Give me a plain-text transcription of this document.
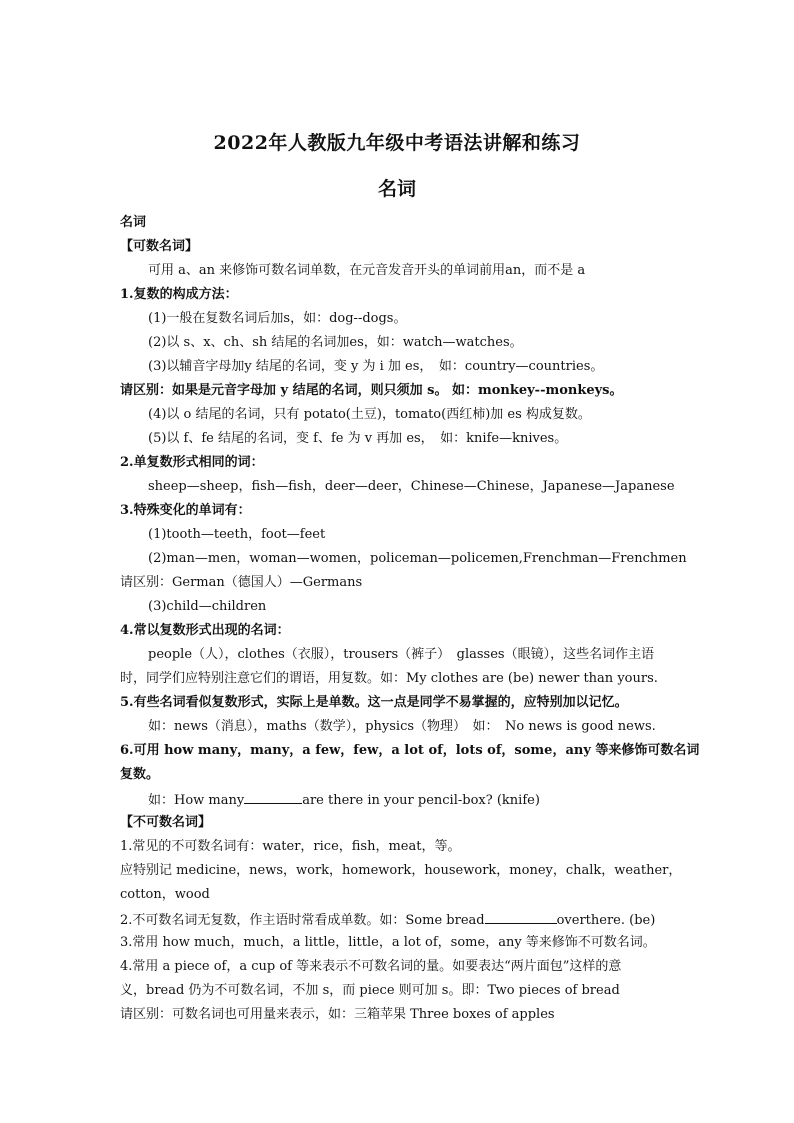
2022年人教版九年级中考语法讲解和练习
名词
名词
【可数名词】
可用 a、an 来修饰可数名词单数，在元音发音开头的单词前用an，而不是 a
1.复数的构成方法：
(1)一般在复数名词后加s，如：dog--dogs。
(2)以 s、x、ch、sh 结尾的名词加es，如：watch—watches。
(3)以辅音字母加y 结尾的名词，变 y 为 i 加 es，　如：country—countries。
请区别：如果是元音字母加 y 结尾的名词，则只须加 s。 如：monkey--monkeys。
(4)以 o 结尾的名词，只有 potato(土豆)，tomato(西红柿)加 es 构成复数。
(5)以 f、fe 结尾的名词，变 f、fe 为 v 再加 es，　如：knife—knives。
2.单复数形式相同的词：
sheep—sheep，fish—fish，deer—deer，Chinese—Chinese，Japanese—Japanese
3.特殊变化的单词有：
(1)tooth—teeth，foot—feet
(2)man—men，woman—women，policeman—policemen,Frenchman—Frenchmen
请区别：German（德国人）—Germans
(3)child—children
4.常以复数形式出现的名词：
people（人），clothes（衣服），trousers（裤子）　glasses（眼镜），这些名词作主语
时，同学们应特别注意它们的谓语，用复数。如：My clothes are (be) newer than yours.
5.有些名词看似复数形式，实际上是单数。这一点是同学不易掌握的，应特别加以记忆。
如：news（消息），maths（数学），physics（物理）　如：　No news is good news.
6.可用 how many，many，a few，few，a lot of，lots of，some，any 等来修饰可数名词
复数。
如：How many	are there in your pencil-box? (knife)
【不可数名词】
1.常见的不可数名词有：water，rice，fish，meat，等。
应特别记 medicine，news，work，homework，housework，money，chalk，weather，
cotton，wood
2.不可数名词无复数，作主语时常看成单数。如：Some bread	overthere. (be)
3.常用 how much，much，a little，little，a lot of，some，any 等来修饰不可数名词。
4.常用 a piece of，a cup of 等来表示不可数名词的量。如要表达“两片面包”这样的意
义，bread 仍为不可数名词，不加 s，而 piece 则可加 s。即：Two pieces of bread
请区别：可数名词也可用量来表示，如：三箱苹果 Three boxes of apples
